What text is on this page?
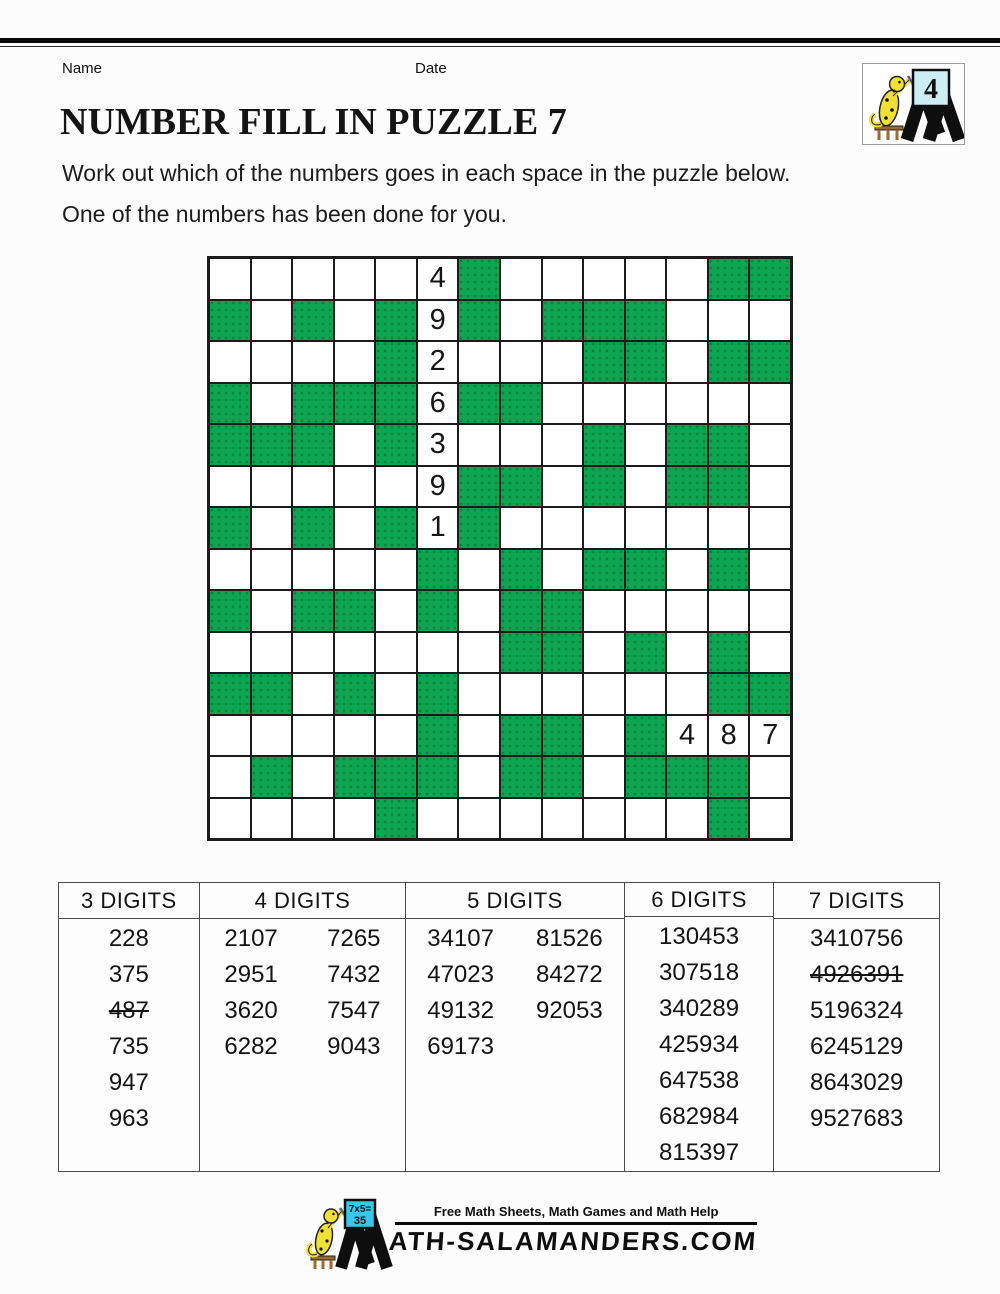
Name	Date
4
NUMBER FILL IN PUZZLE 7
Work out which of the numbers goes in each space in the puzzle below.
One of the numbers has been done for you.
4
9
2
6
3
9
1
4 8 7
3 DIGITS
228
375
487
735
947
963
4 DIGITS
2107
2951
3620
6282
7265
7432
7547
9043
5 DIGITS
34107
47023
49132
69173
81526
84272
92053
6 DIGITS
130453
307518
340289
425934
647538
682984
815397
7 DIGITS
3410756
4926391
5196324
6245129
8643029
9527683
7x5=
35
Free Math Sheets, Math Games and Math Help
ATH-SALAMANDERS.COM
